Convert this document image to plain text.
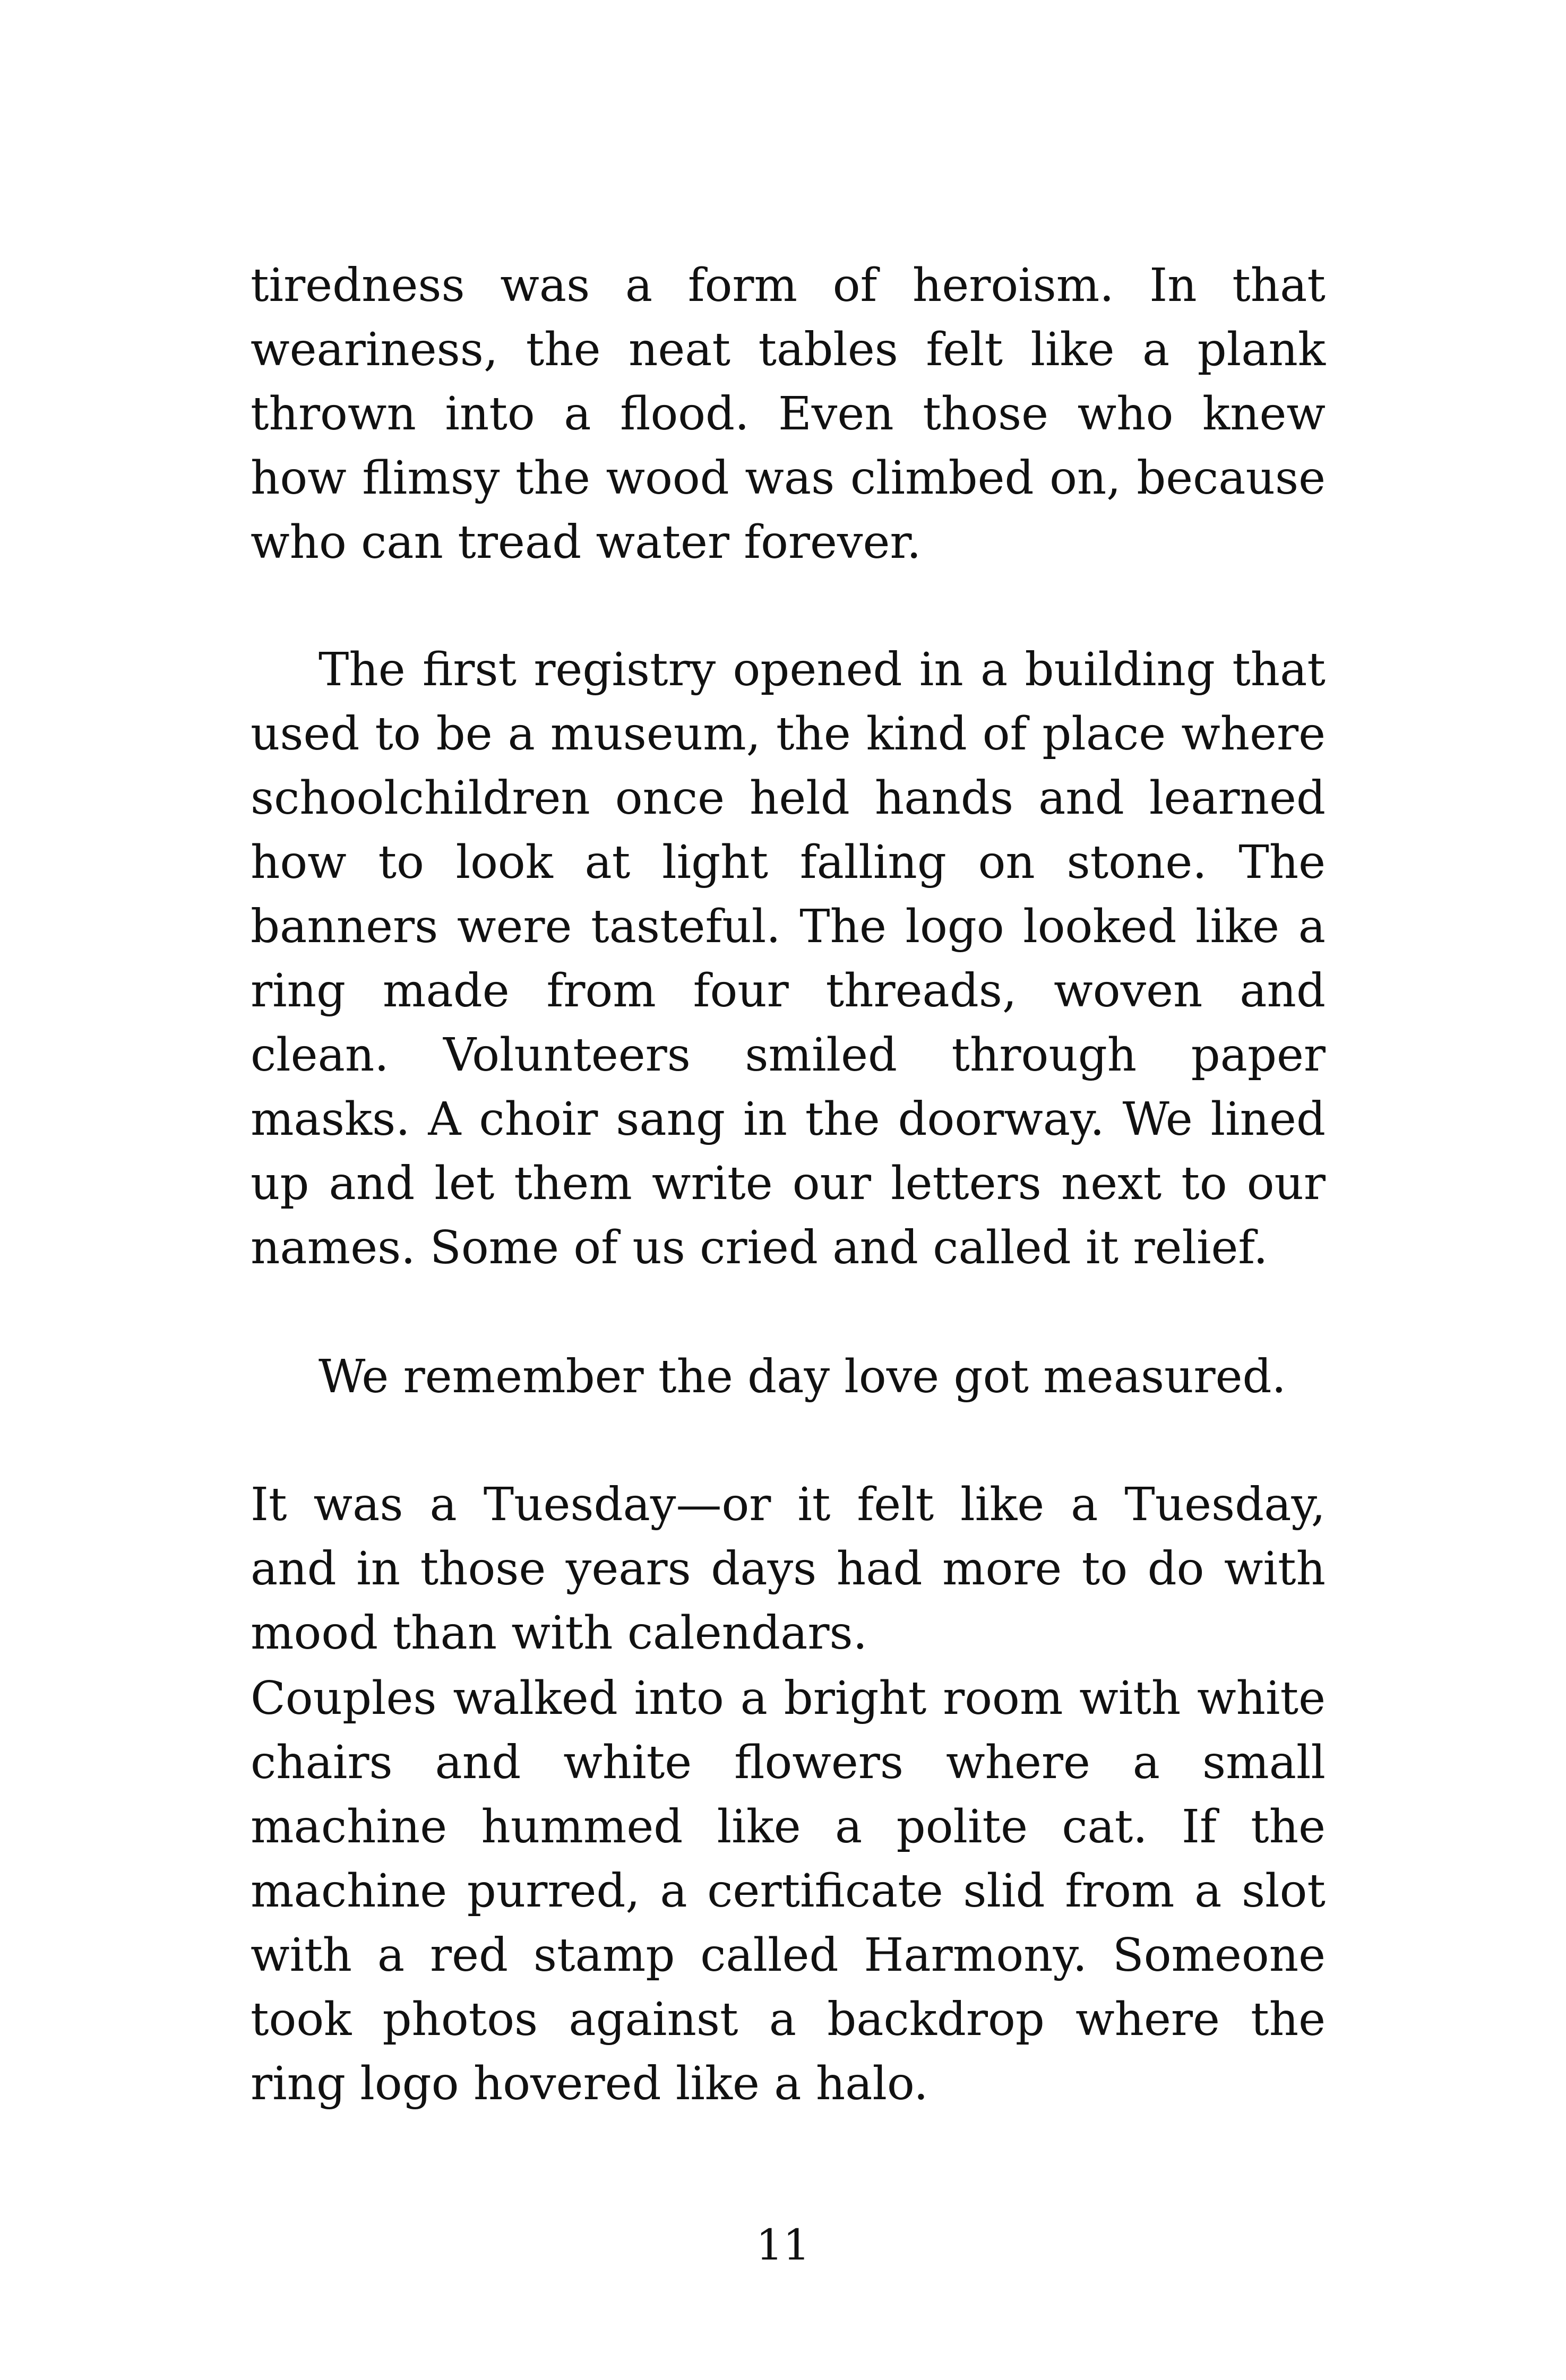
tiredness was a form of heroism. In that weariness, the neat tables felt like a plank thrown into a flood. Even those who knew how flimsy the wood was climbed on, because who can tread water forever.

The first registry opened in a building that used to be a museum, the kind of place where schoolchildren once held hands and learned how to look at light falling on stone. The banners were tasteful. The logo looked like a ring made from four threads, woven and clean. Volunteers smiled through paper masks. A choir sang in the doorway. We lined up and let them write our letters next to our names. Some of us cried and called it relief.

We remember the day love got measured.

It was a Tuesday—or it felt like a Tuesday, and in those years days had more to do with mood than with calendars.

Couples walked into a bright room with white chairs and white flowers where a small machine hummed like a polite cat. If the machine purred, a certificate slid from a slot with a red stamp called Harmony. Someone took photos against a backdrop where the ring logo hovered like a halo.

11
